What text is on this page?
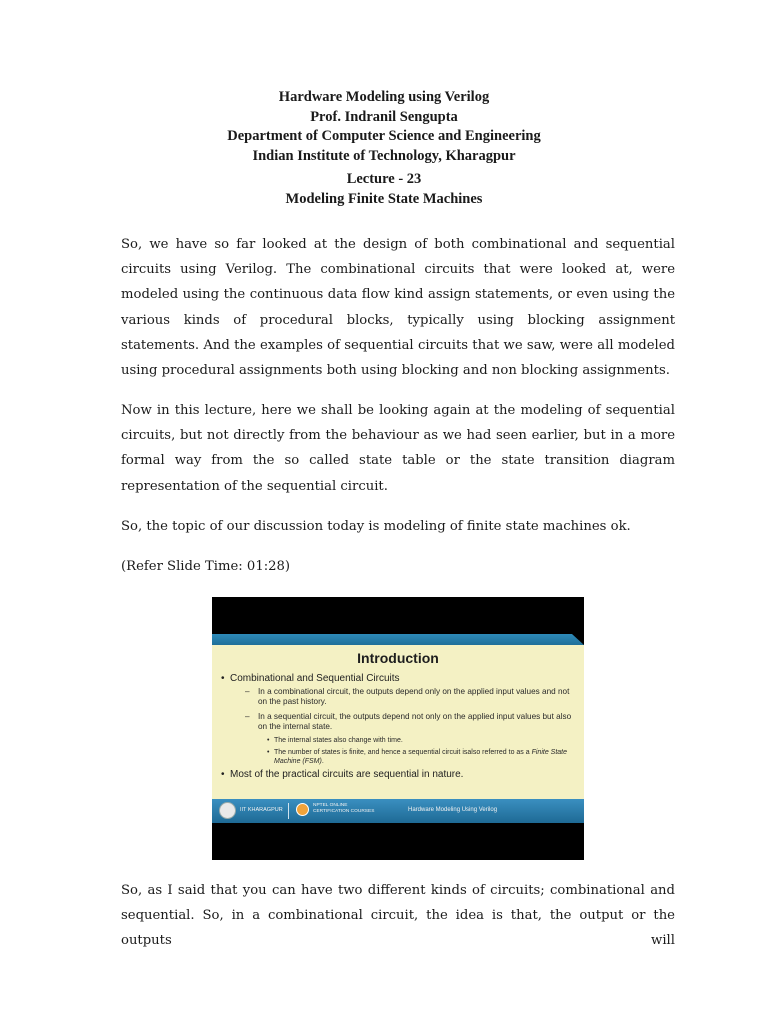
Hardware Modeling using Verilog
Prof. Indranil Sengupta
Department of Computer Science and Engineering
Indian Institute of Technology, Kharagpur
Lecture - 23
Modeling Finite State Machines

So, we have so far looked at the design of both combinational and sequential circuits using Verilog. The combinational circuits that were looked at, were modeled using the continuous data flow kind assign statements, or even using the various kinds of procedural blocks, typically using blocking assignment statements. And the examples of sequential circuits that we saw, were all modeled using procedural assignments both using blocking and non blocking assignments.

Now in this lecture, here we shall be looking again at the modeling of sequential circuits, but not directly from the behaviour as we had seen earlier, but in a more formal way from the so called state table or the state transition diagram representation of the sequential circuit.

So, the topic of our discussion today is modeling of finite state machines ok.

(Refer Slide Time: 01:28)

Introduction
• Combinational and Sequential Circuits
– In a combinational circuit, the outputs depend only on the applied input values and not on the past history.
– In a sequential circuit, the outputs depend not only on the applied input values but also on the internal state.
• The internal states also change with time.
• The number of states is finite, and hence a sequential circuit isalso referred to as a Finite State Machine (FSM).
• Most of the practical circuits are sequential in nature.
IIT KHARAGPUR
NPTEL ONLINE
CERTIFICATION COURSES	Hardware Modeling Using Verilog

So, as I said that you can have two different kinds of circuits; combinational and sequential. So, in a combinational circuit, the idea is that, the output or the outputs will
